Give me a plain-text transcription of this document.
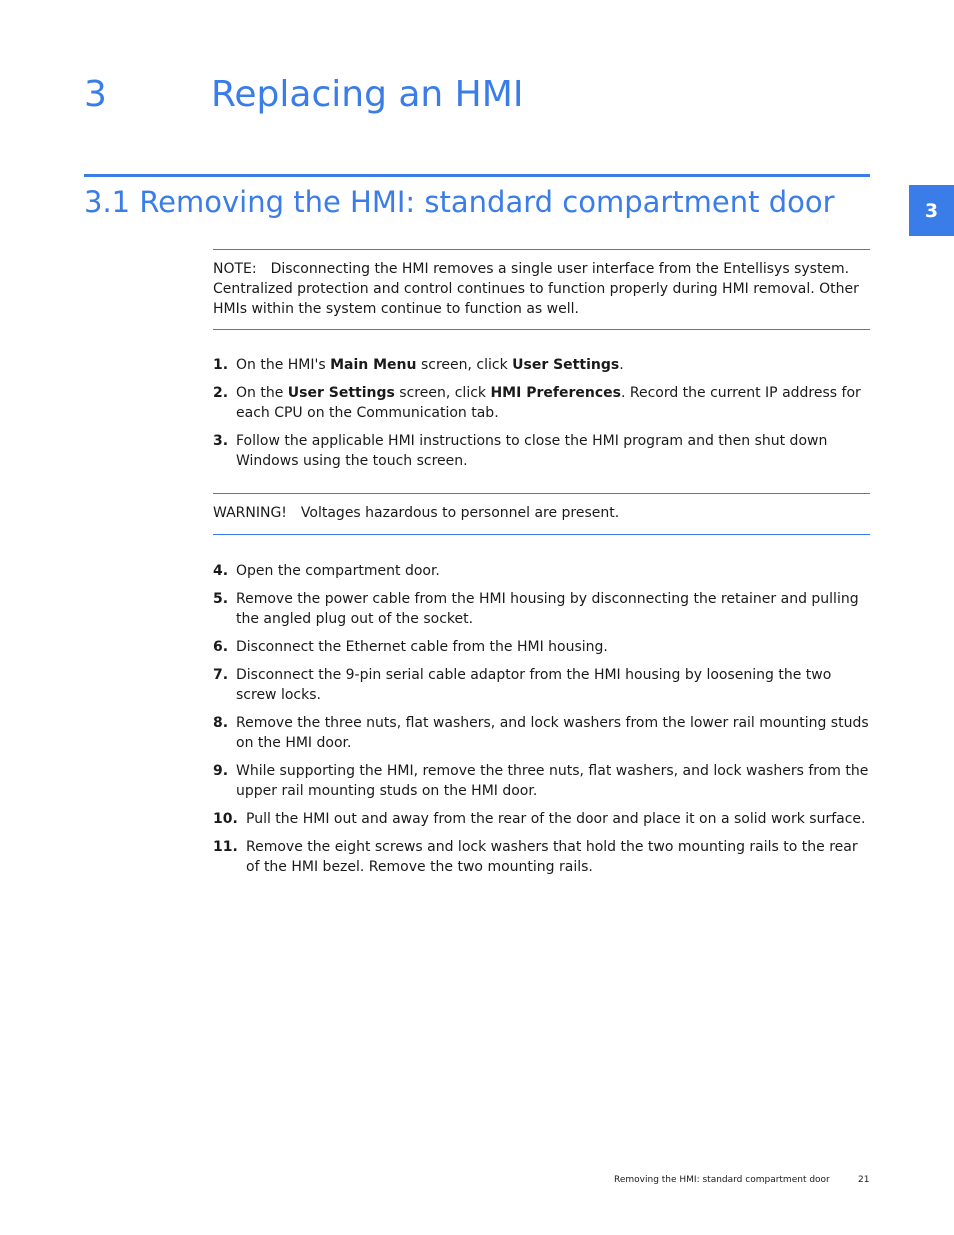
3	Replacing an HMI
3.1 Removing the HMI: standard compartment door	3
NOTE: Disconnecting the HMI removes a single user interface from the Entellisys system. Centralized protection and control continues to function properly during HMI removal. Other HMIs within the system continue to function as well.
1. On the HMI's Main Menu screen, click User Settings.
2. On the User Settings screen, click HMI Preferences. Record the current IP address for each CPU on the Communication tab.
3. Follow the applicable HMI instructions to close the HMI program and then shut down Windows using the touch screen.
WARNING! Voltages hazardous to personnel are present.
4. Open the compartment door.
5. Remove the power cable from the HMI housing by disconnecting the retainer and pulling the angled plug out of the socket.
6. Disconnect the Ethernet cable from the HMI housing.
7. Disconnect the 9-pin serial cable adaptor from the HMI housing by loosening the two screw locks.
8. Remove the three nuts, flat washers, and lock washers from the lower rail mounting studs on the HMI door.
9. While supporting the HMI, remove the three nuts, flat washers, and lock washers from the upper rail mounting studs on the HMI door.
10. Pull the HMI out and away from the rear of the door and place it on a solid work surface.
11. Remove the eight screws and lock washers that hold the two mounting rails to the rear of the HMI bezel. Remove the two mounting rails.
Removing the HMI: standard compartment door	21
